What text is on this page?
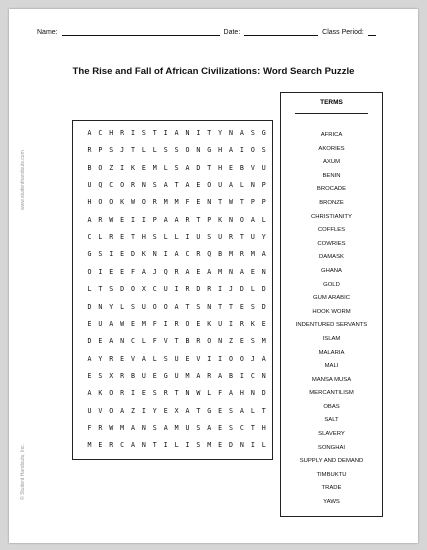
Name:	Date:	Class Period:
The Rise and Fall of African Civilizations: Word Search Puzzle
www.studenthandouts.com
© Student Handouts, Inc.
TERMS
AFRICA
AKORIES
AXUM
BENIN
BROCADE
BRONZE
CHRISTIANITY
COFFLES
COWRIES
DAMASK
GHANA
GOLD
GUM ARABIC
HOOK WORM
INDENTURED SERVANTS
ISLAM
MALARIA
MALI
MANSA MUSA
MERCANTILISM
OBAS
SALT
SLAVERY
SONGHAI
SUPPLY AND DEMAND
TIMBUKTU
TRADE
YAWS
A	C	H	R	I	S	T	I	A	N	I	T	Y	N	A	S	G
R	P	S	J	T	L	L	S	S	O	N	G	H	A	I	O	S
B	O	Z	I	K	E	M	L	S	A	D	T	H	E	B	V	U
U	Q	C	O	R	N	S	A	T	A	E	O	U	A	L	N	P
H	O	O	K	W	O	R	M	M	F	E	N	T	W	T	P	P
A	R	W	E	I	I	P	A	A	R	T	P	K	N	O	A	L
C	L	R	E	T	H	S	L	L	I	U	S	U	R	T	U	Y
G	S	I	E	D	K	N	I	A	C	R	Q	B	M	R	M	A
O	I	E	E	F	A	J	Q	R	A	E	A	M	N	A	E	N
L	T	S	D	O	X	C	U	I	R	D	R	I	J	D	L	D
D	N	Y	L	S	U	O	O	A	T	S	N	T	T	E	S	D
E	U	A	W	E	M	F	I	R	O	E	K	U	I	R	K	E
D	E	A	N	C	L	F	V	T	B	R	O	N	Z	E	S	M
A	Y	R	E	V	A	L	S	U	E	V	I	I	O	O	J	A
E	S	X	R	B	U	E	G	U	M	A	R	A	B	I	C	N
A	K	O	R	I	E	S	R	T	N	W	L	F	A	H	N	D
U	V	O	A	Z	I	Y	E	X	A	T	G	E	S	A	L	T
F	R	W	M	A	N	S	A	M	U	S	A	E	S	C	T	H
M	E	R	C	A	N	T	I	L	I	S	M	E	D	N	I	L
